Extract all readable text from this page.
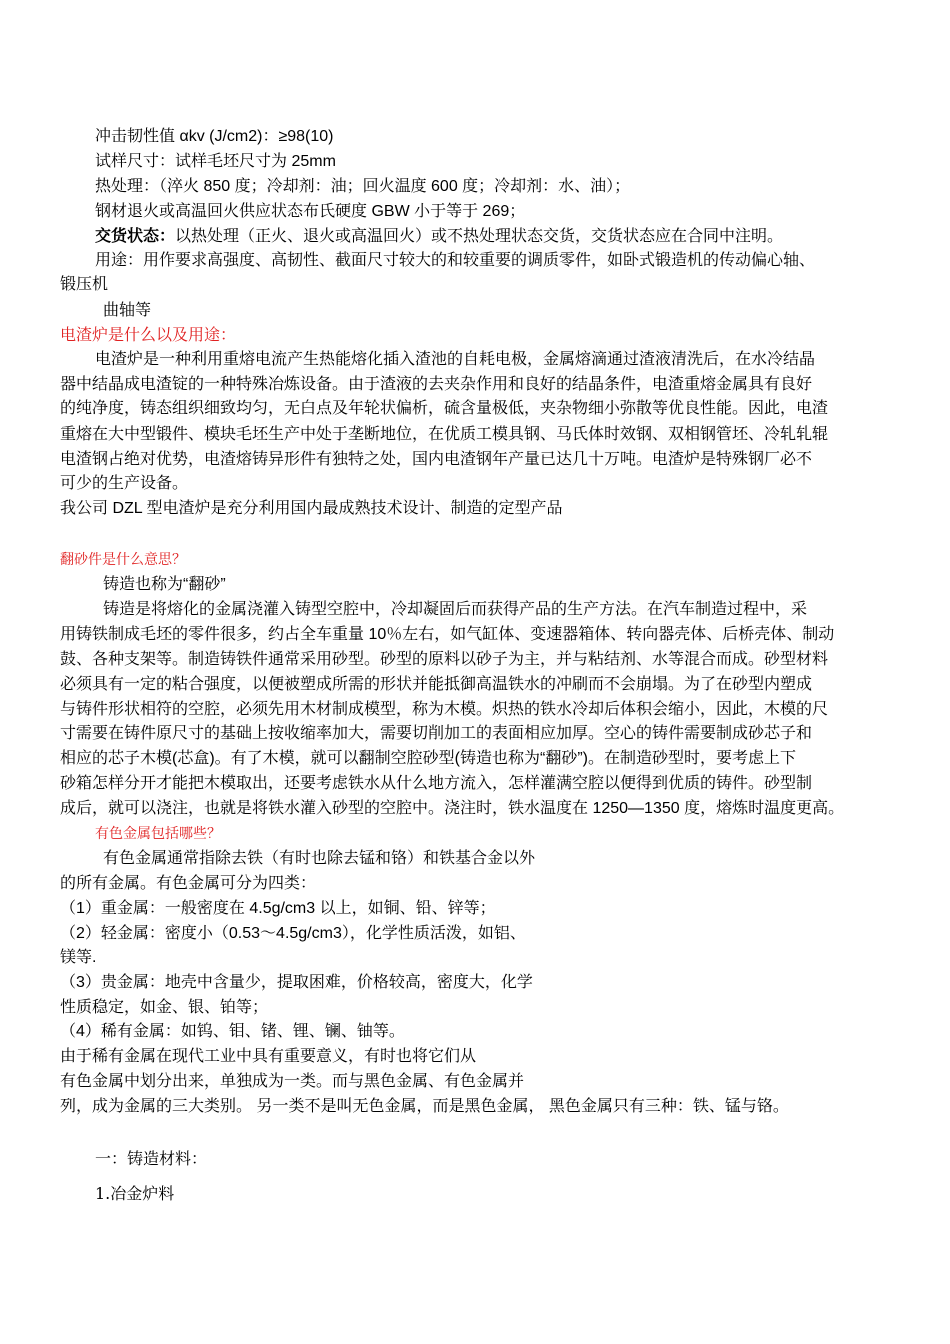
冲击韧性值 αkv (J/cm2)：≥98(10)
试样尺寸：试样毛坯尺寸为 25mm
热处理：（淬火 850 度；冷却剂：油；回火温度 600 度；冷却剂：水、油）；
钢材退火或高温回火供应状态布氏硬度 GBW 小于等于 269；
交货状态：以热处理（正火、退火或高温回火）或不热处理状态交货，交货状态应在合同中注明。
用途：用作要求高强度、高韧性、截面尺寸较大的和较重要的调质零件，如卧式锻造机的传动偏心轴、
锻压机
曲轴等
电渣炉是什么以及用途：
电渣炉是一种利用重熔电流产生热能熔化插入渣池的自耗电极，金属熔滴通过渣液清洗后，在水冷结晶
器中结晶成电渣锭的一种特殊冶炼设备。由于渣液的去夹杂作用和良好的结晶条件，电渣重熔金属具有良好
的纯净度，铸态组织细致均匀，无白点及年轮状偏析，硫含量极低，夹杂物细小弥散等优良性能。因此，电渣
重熔在大中型锻件、模块毛坯生产中处于垄断地位，在优质工模具钢、马氏体时效钢、双相钢管坯、冷轧轧辊
电渣钢占绝对优势，电渣熔铸异形件有独特之处，国内电渣钢年产量已达几十万吨。电渣炉是特殊钢厂必不
可少的生产设备。
我公司 DZL 型电渣炉是充分利用国内最成熟技术设计、制造的定型产品
翻砂件是什么意思？
铸造也称为“翻砂”
铸造是将熔化的金属浇灌入铸型空腔中，冷却凝固后而获得产品的生产方法。在汽车制造过程中，采
用铸铁制成毛坯的零件很多，约占全车重量 10％左右，如气缸体、变速器箱体、转向器壳体、后桥壳体、制动
鼓、各种支架等。制造铸铁件通常采用砂型。砂型的原料以砂子为主，并与粘结剂、水等混合而成。砂型材料
必须具有一定的粘合强度，以便被塑成所需的形状并能抵御高温铁水的冲刷而不会崩塌。为了在砂型内塑成
与铸件形状相符的空腔，必须先用木材制成模型，称为木模。炽热的铁水冷却后体积会缩小，因此，木模的尺
寸需要在铸件原尺寸的基础上按收缩率加大，需要切削加工的表面相应加厚。空心的铸件需要制成砂芯子和
相应的芯子木模(芯盒)。有了木模，就可以翻制空腔砂型(铸造也称为“翻砂”)。在制造砂型时，要考虑上下
砂箱怎样分开才能把木模取出，还要考虑铁水从什么地方流入，怎样灌满空腔以便得到优质的铸件。砂型制
成后，就可以浇注，也就是将铁水灌入砂型的空腔中。浇注时，铁水温度在 1250—1350 度，熔炼时温度更高。
有色金属包括哪些？
有色金属通常指除去铁（有时也除去锰和铬）和铁基合金以外
的所有金属。有色金属可分为四类：
（1）重金属：一般密度在 4.5g/cm3 以上，如铜、铅、锌等；
（2）轻金属：密度小（0.53～4.5g/cm3），化学性质活泼，如铝、
镁等.
（3）贵金属：地壳中含量少，提取困难，价格较高，密度大，化学
性质稳定，如金、银、铂等；
（4）稀有金属：如钨、钼、锗、锂、镧、铀等。
由于稀有金属在现代工业中具有重要意义，有时也将它们从
有色金属中划分出来，单独成为一类。而与黑色金属、有色金属并
列，成为金属的三大类别。 另一类不是叫无色金属，而是黑色金属， 黑色金属只有三种：铁、锰与铬。
一：铸造材料：
1.冶金炉料
